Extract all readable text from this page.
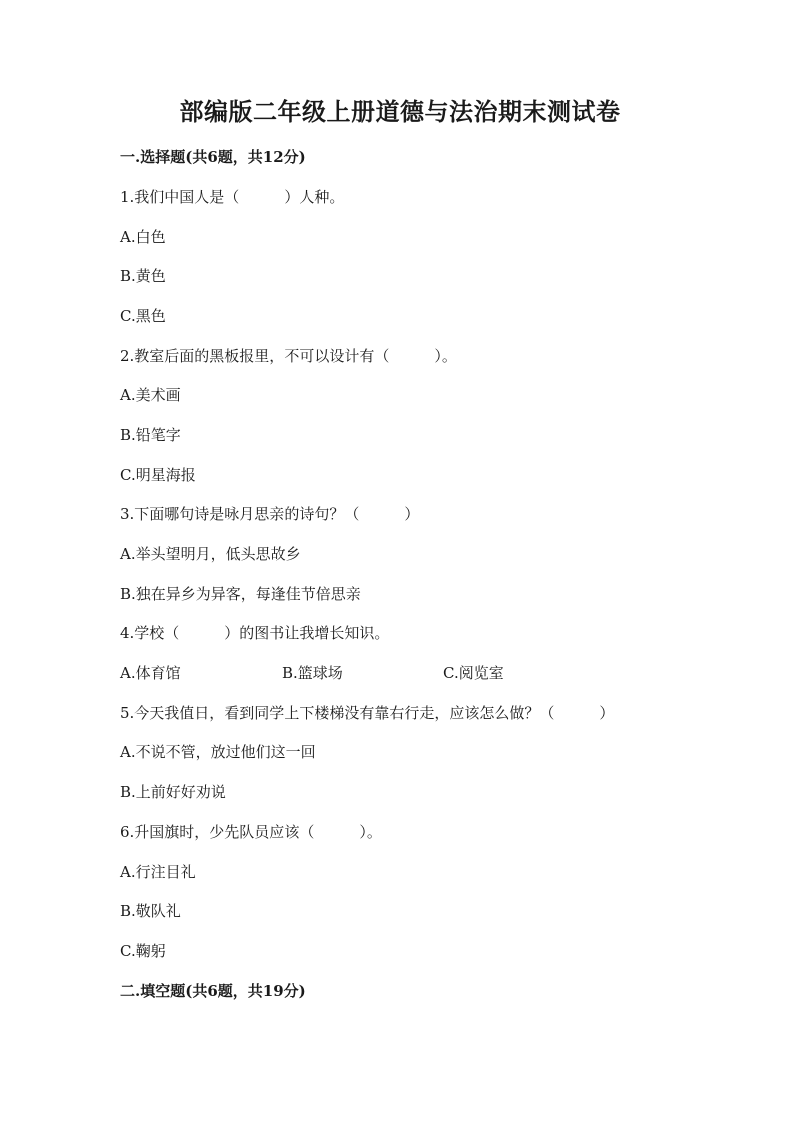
部编版二年级上册道德与法治期末测试卷
一.选择题(共6题，共12分)
1.我们中国人是（　　　）人种。
A.白色
B.黄色
C.黑色
2.教室后面的黑板报里，不可以设计有（　　　）。
A.美术画
B.铅笔字
C.明星海报
3.下面哪句诗是咏月思亲的诗句？（　　　）
A.举头望明月，低头思故乡
B.独在异乡为异客，每逢佳节倍思亲
4.学校（　　　）的图书让我增长知识。
A.体育馆	B.篮球场	C.阅览室
5.今天我值日，看到同学上下楼梯没有靠右行走，应该怎么做？（　　　）
A.不说不管，放过他们这一回
B.上前好好劝说
6.升国旗时，少先队员应该（　　　）。
A.行注目礼
B.敬队礼
C.鞠躬
二.填空题(共6题，共19分)
